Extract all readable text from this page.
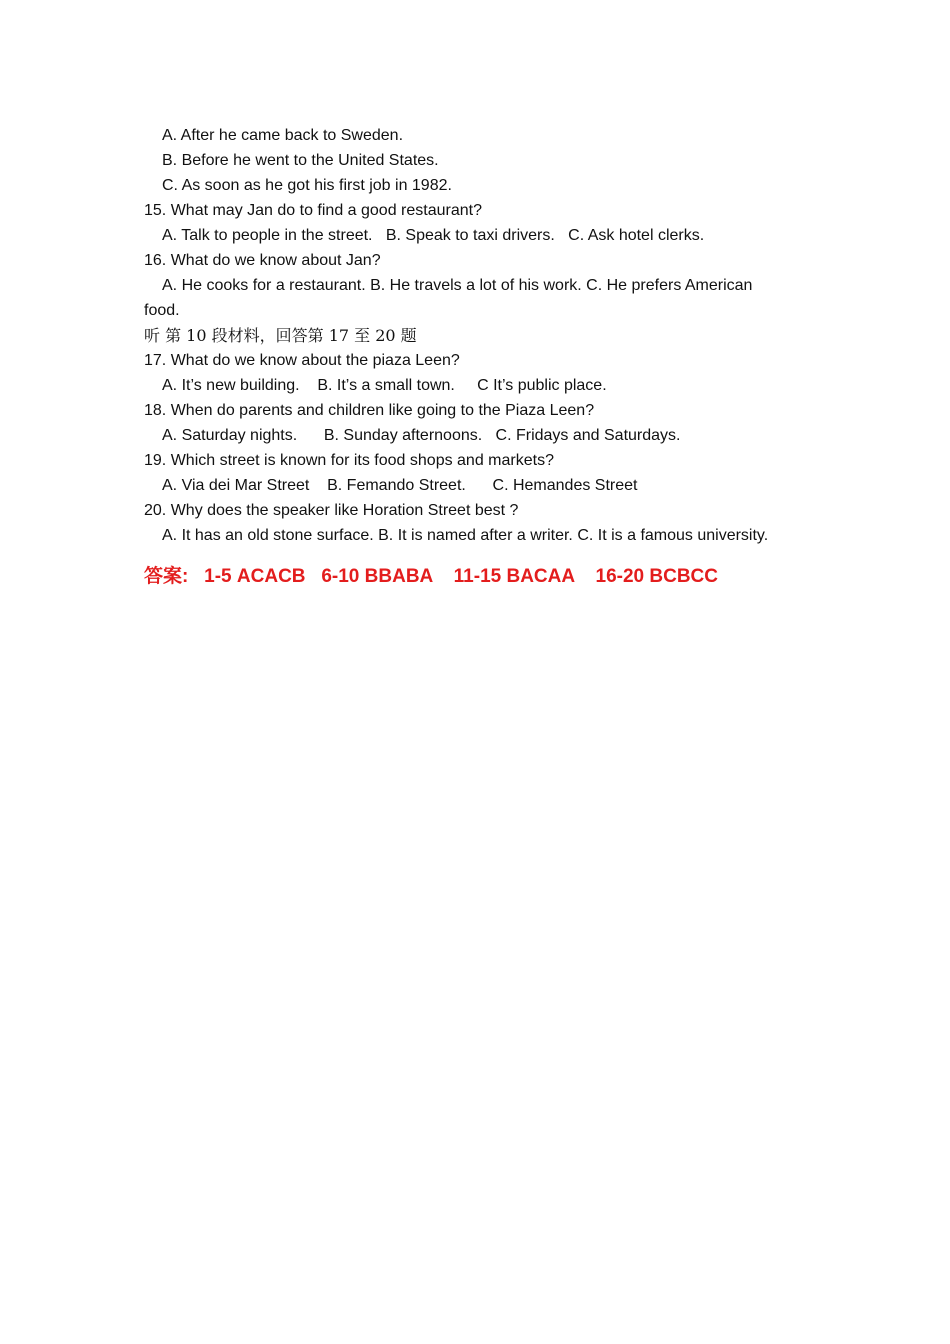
A. After he came back to Sweden.
B. Before he went to the United States.
C. As soon as he got his first job in 1982.
15. What may Jan do to find a good restaurant?
A. Talk to people in the street.   B. Speak to taxi drivers.   C. Ask hotel clerks.
16. What do we know about Jan?
A. He cooks for a restaurant. B. He travels a lot of his work. C. He prefers American food.
听 第 10 段材料，回答第 17 至 20 题
17. What do we know about the piaza Leen?
A. It’s new building.    B. It’s a small town.     C It’s public place.
18. When do parents and children like going to the Piaza Leen?
A. Saturday nights.      B. Sunday afternoons.   C. Fridays and Saturdays.
19. Which street is known for its food shops and markets?
A. Via dei Mar Street    B. Femando Street.      C. Hemandes Street
20. Why does the speaker like Horation Street best ?
A. It has an old stone surface. B. It is named after a writer. C. It is a famous university.
答案:   1-5 ACACB   6-10 BBABA    11-15 BACAA    16-20 BCBCC
